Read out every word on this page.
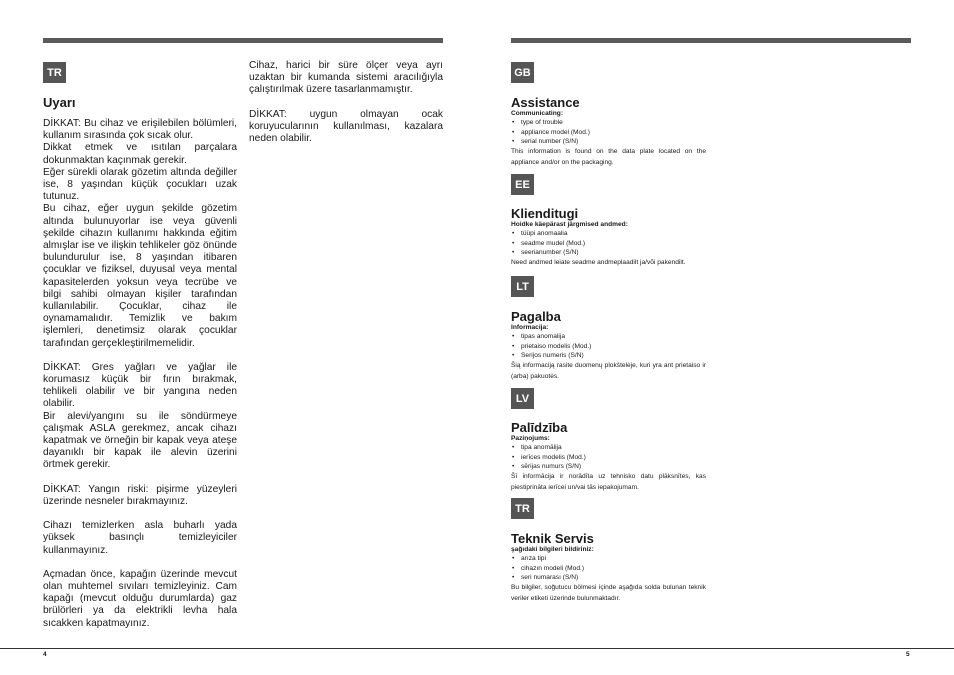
TR
Uyarı

DİKKAT: Bu cihaz ve erişilebilen bölümleri, kullanım sırasında çok sıcak olur.

Dikkat etmek ve ısıtılan parçalara dokunmaktan kaçınmak gerekir.

Eğer sürekli olarak gözetim altında değiller ise, 8 yaşından küçük çocukları uzak tutunuz.

Bu cihaz, eğer uygun şekilde gözetim altında bulunuyorlar ise veya güvenli şekilde cihazın kullanımı hakkında eğitim almışlar ise ve ilişkin tehlikeler göz önünde bulundurulur ise, 8 yaşından itibaren çocuklar ve fiziksel, duyusal veya mental kapasitelerden yoksun veya tecrübe ve bilgi sahibi olmayan kişiler tarafından kullanılabilir. Çocuklar, cihaz ile oynamamalıdır. Temizlik ve bakım işlemleri, denetimsiz olarak çocuklar tarafından gerçekleştirilmemelidir.

DİKKAT: Gres yağları ve yağlar ile korumasız küçük bir fırın bırakmak, tehlikeli olabilir ve bir yangına neden olabilir.

Bir alevi/yangını su ile söndürmeye çalışmak ASLA gerekmez, ancak cihazı kapatmak ve örneğin bir kapak veya ateşe dayanıklı bir kapak ile alevin üzerini örtmek gerekir.

DİKKAT: Yangın riski: pişirme yüzeyleri üzerinde nesneler bırakmayınız.

Cihazı temizlerken asla buharlı yada yüksek basınçlı temizleyiciler kullanmayınız.

Açmadan önce, kapağın üzerinde mevcut olan muhtemel sıvıları temizleyiniz. Cam kapağı (mevcut olduğu durumlarda) gaz brülörleri ya da elektrikli levha hala sıcakken kapatmayınız.

Cihaz, harici bir süre ölçer veya ayrı uzaktan bir kumanda sistemi aracılığıyla çalıştırılmak üzere tasarlanmamıştır.

DİKKAT: uygun olmayan ocak koruyucularının kullanılması, kazalara neden olabilir.

GB
Assistance
Communicating:
• type of trouble
• appliance model (Mod.)
• serial number (S/N)
This information is found on the data plate located on the appliance and/or on the packaging.
EE
Klienditugi
Hoidke käepärast järgmised andmed:
• tüüpi anomaalia
• seadme mudel (Mod.)
• seerianumber (S/N)
Need andmed leiate seadme andmeplaadilt ja/või pakendilt.
LT
Pagalba
Informacija:
• tipas anomalija
• prietaiso modelis (Mod.)
• Serijos numeris (S/N)
Šią informaciją rasite duomenų plokštelėje, kuri yra ant prietaiso ir (arba) pakuotės.
LV
Palīdzība
Paziņojums:
• tipa anomālija
• ierīces modelis (Mod.)
• sērijas numurs (S/N)
Šī informācija ir norādīta uz tehnisko datu plāksnītes, kas piestiprināta ierīcei un/vai tās iepakojumam.
TR
Teknik Servis
şağıdaki bilgileri bildiriniz:
• arıza tipi
• cihazın modeli (Mod.)
• seri numarası (S/N)
Bu bilgiler, soğutucu bölmesi içinde aşağıda solda bulunan teknik veriler etiketi üzerinde bulunmaktadır.
4	5
